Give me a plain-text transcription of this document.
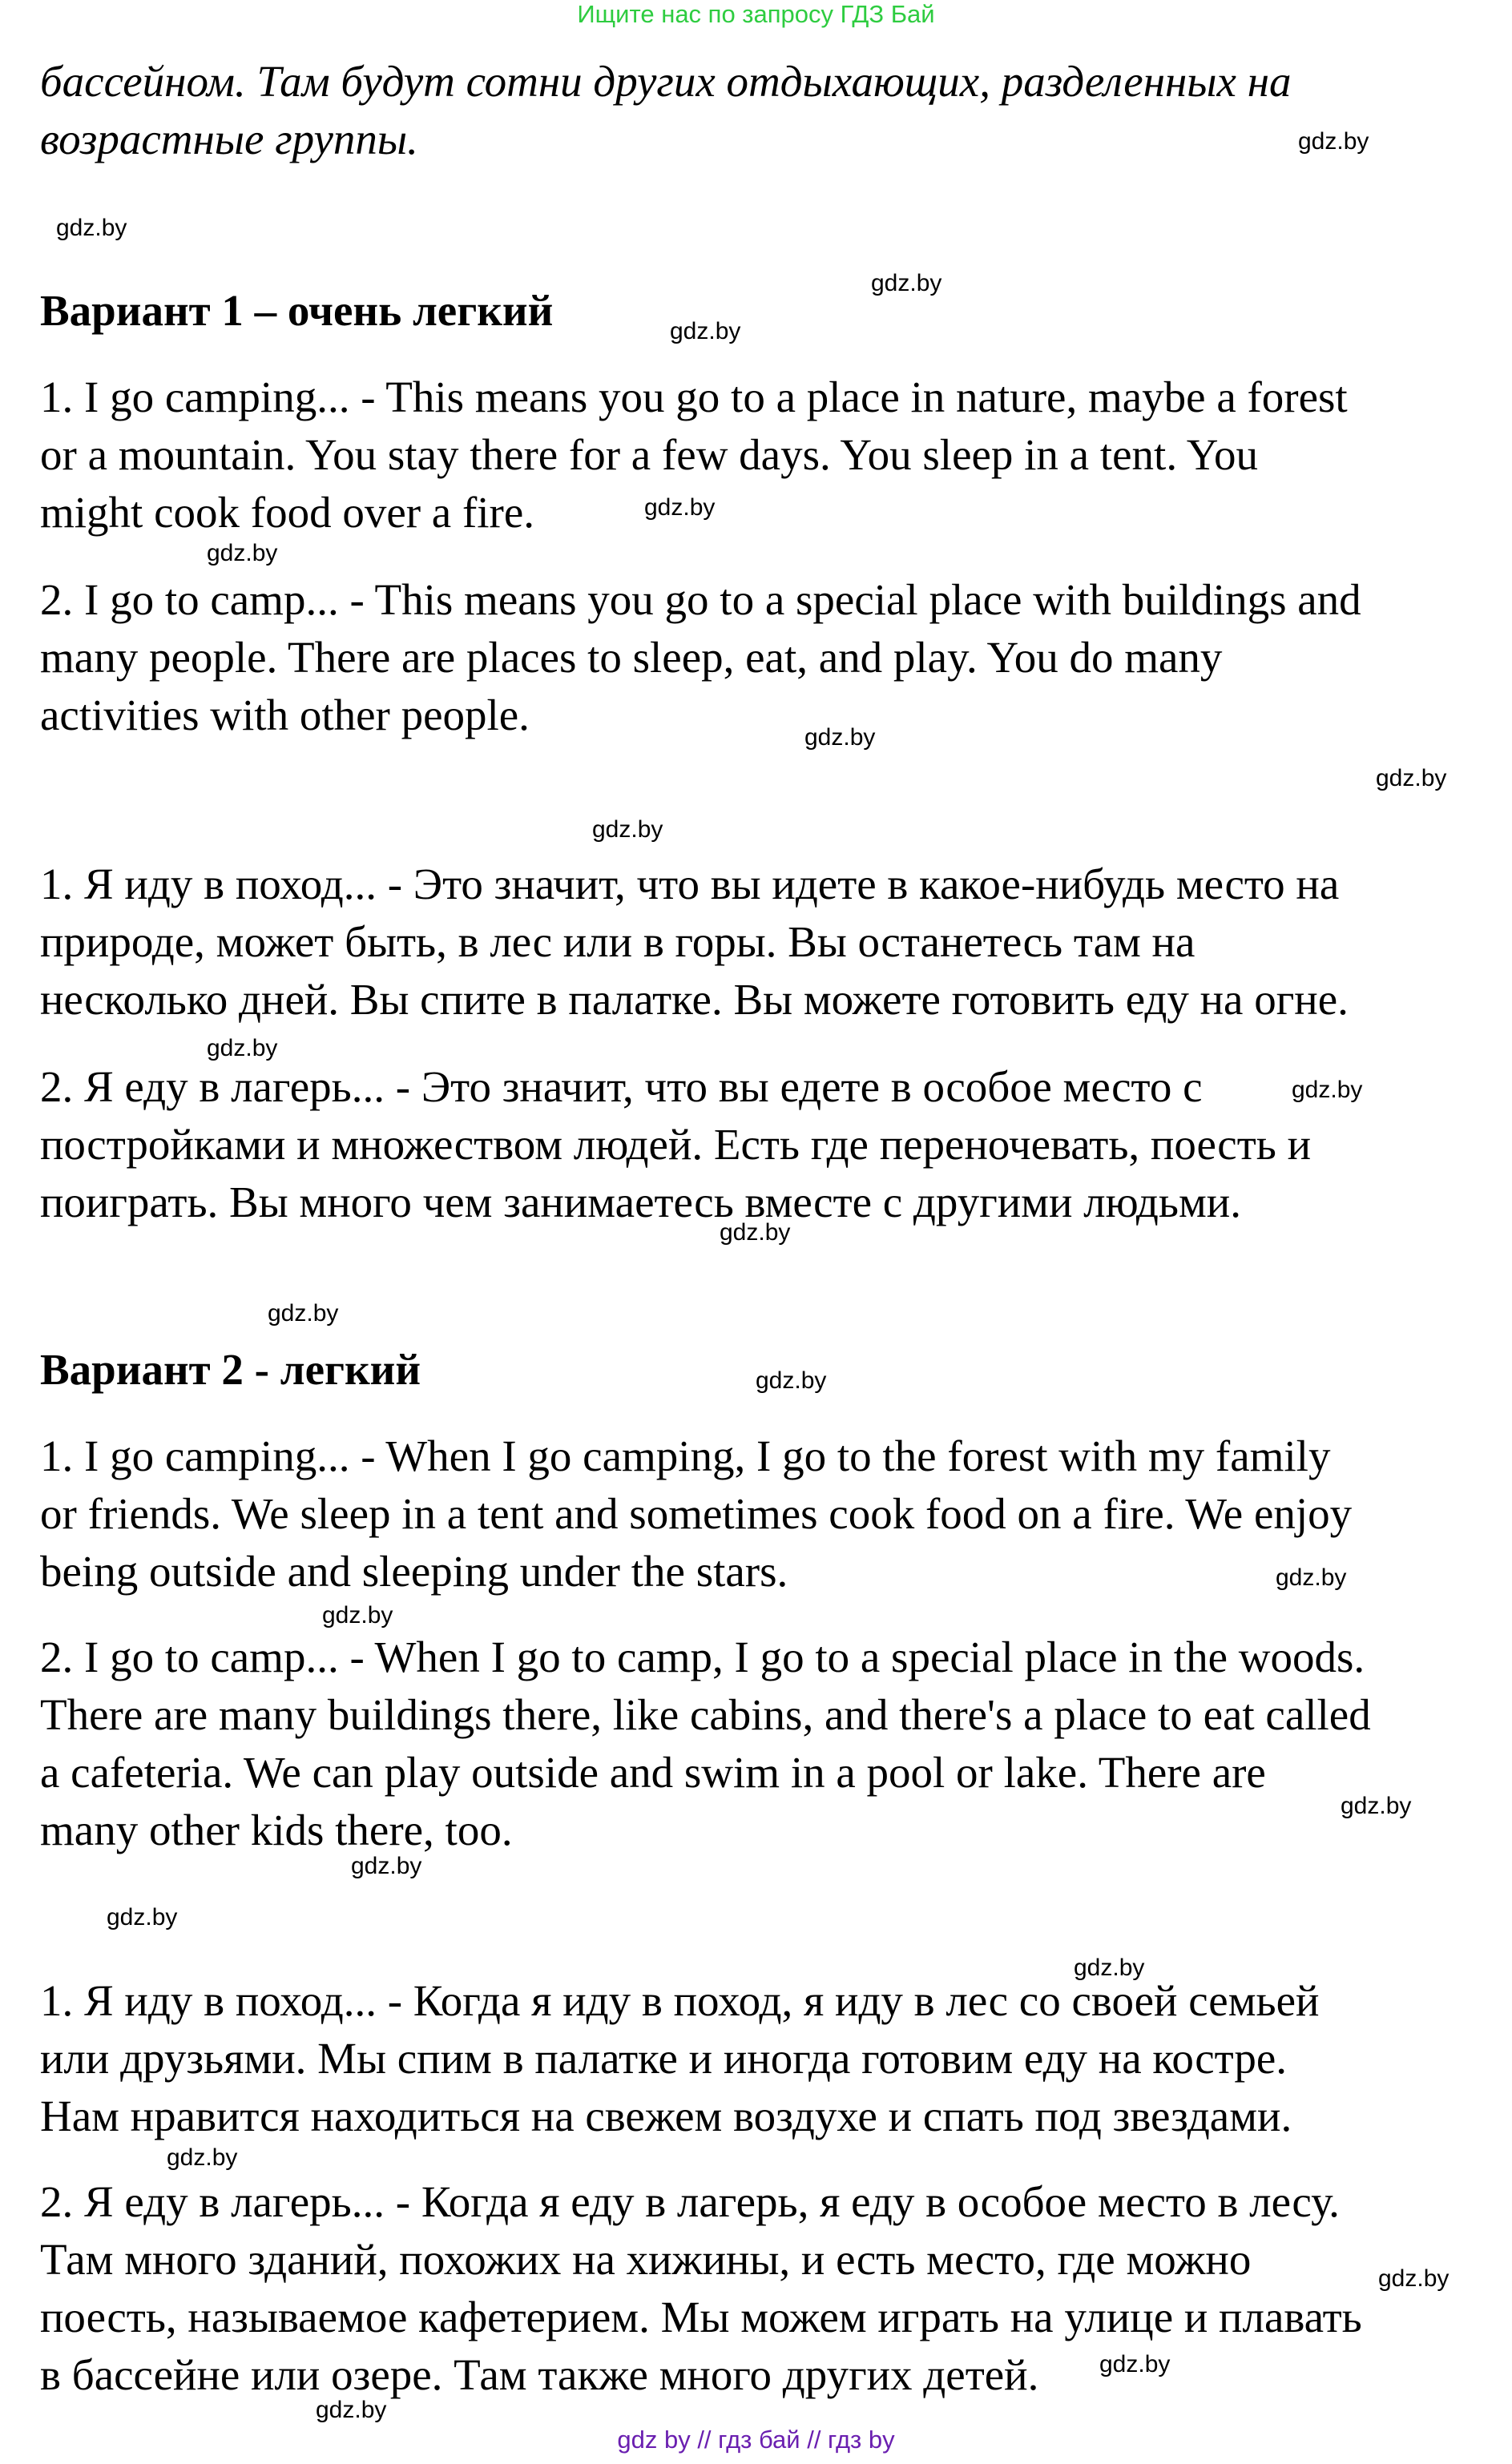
Ищите нас по запросу ГДЗ Бай
бассейном. Там будут сотни других отдыхающих, разделенных на
возрастные группы.
Вариант 1 – очень легкий
1. I go camping... - This means you go to a place in nature, maybe a forest
or a mountain. You stay there for a few days. You sleep in a tent. You
might cook food over a fire.
2. I go to camp... - This means you go to a special place with buildings and
many people. There are places to sleep, eat, and play. You do many
activities with other people.
1. Я иду в поход... - Это значит, что вы идете в какое-нибудь место на
природе, может быть, в лес или в горы. Вы останетесь там на
несколько дней. Вы спите в палатке. Вы можете готовить еду на огне.
2. Я еду в лагерь... - Это значит, что вы едете в особое место с
постройками и множеством людей. Есть где переночевать, поесть и
поиграть. Вы много чем занимаетесь вместе с другими людьми.
Вариант 2 - легкий
1. I go camping... - When I go camping, I go to the forest with my family
or friends. We sleep in a tent and sometimes cook food on a fire. We enjoy
being outside and sleeping under the stars.
2. I go to camp... - When I go to camp, I go to a special place in the woods.
There are many buildings there, like cabins, and there's a place to eat called
a cafeteria. We can play outside and swim in a pool or lake. There are
many other kids there, too.
1. Я иду в поход... - Когда я иду в поход, я иду в лес со своей семьей
или друзьями. Мы спим в палатке и иногда готовим еду на костре.
Нам нравится находиться на свежем воздухе и спать под звездами.
2. Я еду в лагерь... - Когда я еду в лагерь, я еду в особое место в лесу.
Там много зданий, похожих на хижины, и есть место, где можно
поесть, называемое кафетерием. Мы можем играть на улице и плавать
в бассейне или озере. Там также много других детей.
gdz.by
gdz.by
gdz.by
gdz.by
gdz.by
gdz.by
gdz.by
gdz.by
gdz.by
gdz.by
gdz.by
gdz.by
gdz.by
gdz.by
gdz.by
gdz.by
gdz.by
gdz.by
gdz.by
gdz.by
gdz.by
gdz.by
gdz.by
gdz.by
gdz by // гдз бай // гдз by
